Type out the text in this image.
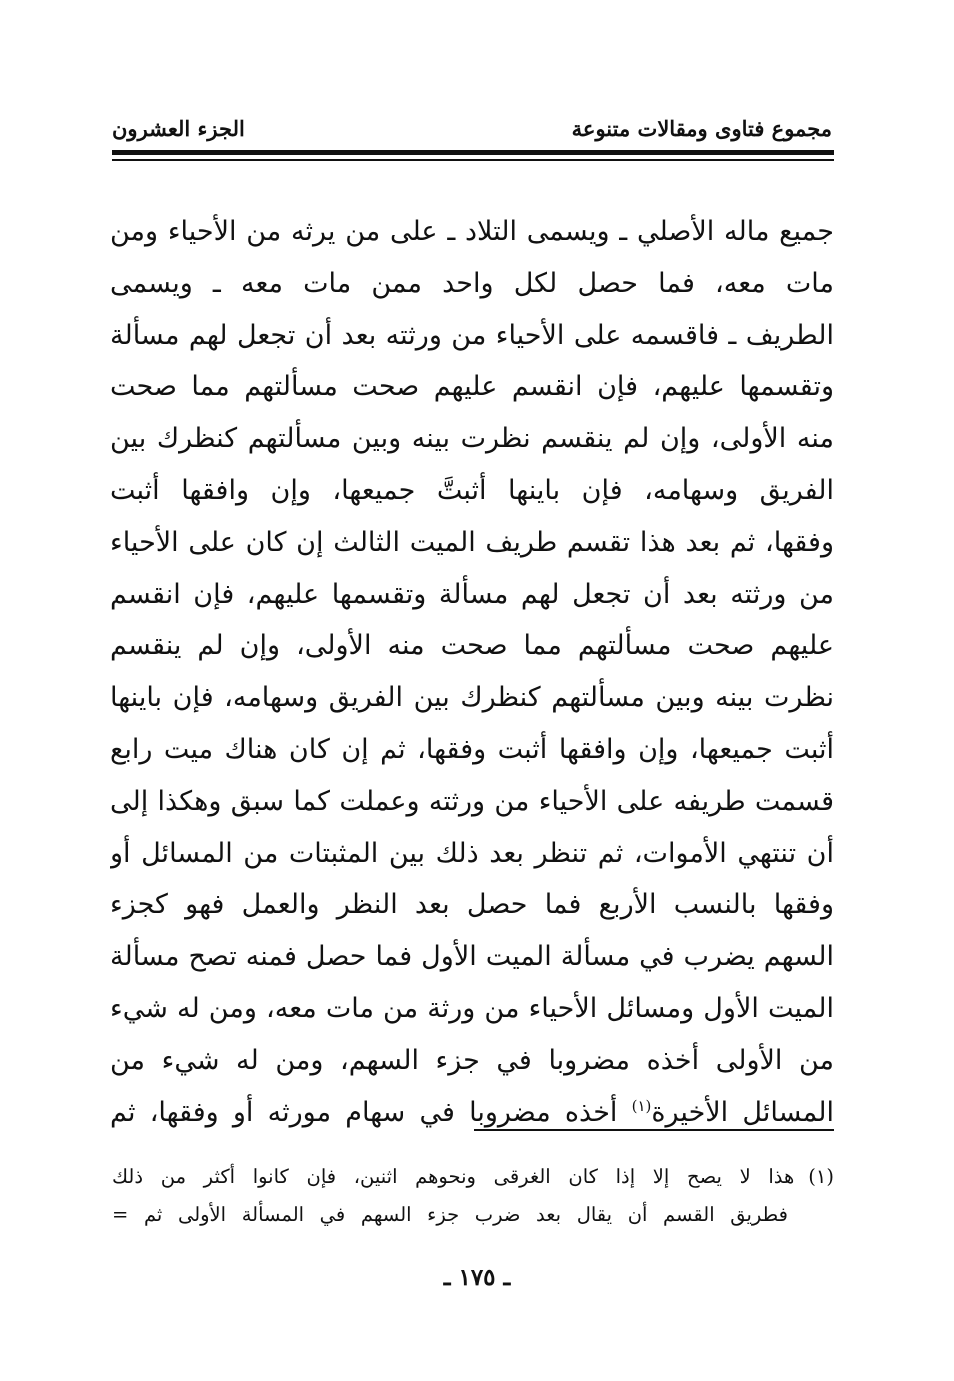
مجموع فتاوى ومقالات متنوعة
الجزء العشرون
جميع ماله الأصلي ـ ويسمى التلاد ـ على من يرثه من الأحياء ومن
مات معه، فما حصل لكل واحد ممن مات معه ـ ويسمى
الطريف ـ فاقسمه على الأحياء من ورثته بعد أن تجعل لهم مسألة
وتقسمها عليهم، فإن انقسم عليهم صحت مسألتهم مما صحت
منه الأولى، وإن لم ينقسم نظرت بينه وبين مسألتهم كنظرك بين
الفريق وسهامه، فإن باينها أثبتَّ جميعها، وإن وافقها أثبت
وفقها، ثم بعد هذا تقسم طريف الميت الثالث إن كان على الأحياء
من ورثته بعد أن تجعل لهم مسألة وتقسمها عليهم، فإن انقسم
عليهم صحت مسألتهم مما صحت منه الأولى، وإن لم ينقسم
نظرت بينه وبين مسألتهم كنظرك بين الفريق وسهامه، فإن باينها
أثبت جميعها، وإن وافقها أثبت وفقها، ثم إن كان هناك ميت رابع
قسمت طريفه على الأحياء من ورثته وعملت كما سبق وهكذا إلى
أن تنتهي الأموات، ثم تنظر بعد ذلك بين المثبتات من المسائل أو
وفقها بالنسب الأربع فما حصل بعد النظر والعمل فهو كجزء
السهم يضرب في مسألة الميت الأول فما حصل فمنه تصح مسألة
الميت الأول ومسائل الأحياء من ورثة من مات معه، ومن له شيء
من الأولى أخذه مضروبا في جزء السهم، ومن له شيء من
المسائل الأخيرة$^{(١)}$ أخذه مضروبا في سهام مورثه أو وفقها، ثم
(١)هذا لا يصح إلا إذا كان الغرقى ونحوهم اثنين، فإن كانوا أكثر من ذلك
فطريق القسم أن يقال بعد ضرب جزء السهم في المسألة الأولى ثم =
ـ ١٧٥ ـ
